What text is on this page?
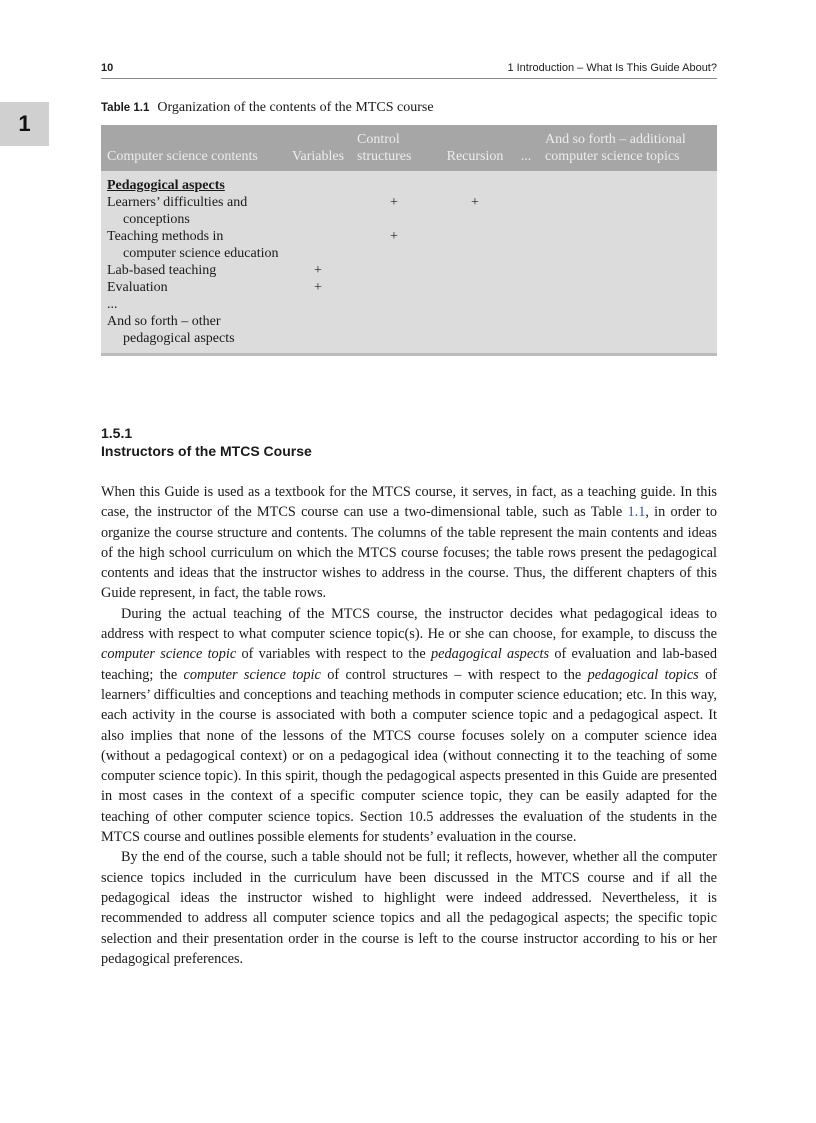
1
10	1 Introduction – What Is This Guide About?
Table 1.1 Organization of the contents of the MTCS course
Computer science contents	Variables	Control structures	Recursion	...	And so forth – additional computer science topics
Pedagogical aspects					
Learners’ difficulties and conceptions		+	+		
Teaching methods in computer science education		+			
Lab-based teaching	+				
Evaluation	+				
...					
And so forth – other pedagogical aspects					
1.5.1
Instructors of the MTCS Course

When this Guide is used as a textbook for the MTCS course, it serves, in fact, as a teaching guide. In this case, the instructor of the MTCS course can use a two-dimensional table, such as Table 1.1, in order to organize the course structure and contents. The columns of the table represent the main contents and ideas of the high school curriculum on which the MTCS course focuses; the table rows present the pedagogical contents and ideas that the instructor wishes to address in the course. Thus, the different chapters of this Guide represent, in fact, the table rows.

During the actual teaching of the MTCS course, the instructor decides what pedagogical ideas to address with respect to what computer science topic(s). He or she can choose, for example, to discuss the computer science topic of variables with respect to the pedagogical aspects of evaluation and lab-based teaching; the computer science topic of control structures – with respect to the pedagogical topics of learners’ difficulties and conceptions and teaching methods in computer science education; etc. In this way, each activity in the course is associated with both a computer science topic and a pedagogical aspect. It also implies that none of the lessons of the MTCS course focuses solely on a computer science idea (without a pedagogical context) or on a pedagogical idea (without connecting it to the teaching of some computer science topic). In this spirit, though the pedagogical aspects presented in this Guide are presented in most cases in the context of a specific computer science topic, they can be easily adapted for the teaching of other computer science topics. Section 10.5 addresses the evaluation of the students in the MTCS course and outlines possible elements for students’ evaluation in the course.

By the end of the course, such a table should not be full; it reflects, however, whether all the computer science topics included in the curriculum have been discussed in the MTCS course and if all the pedagogical ideas the instructor wished to highlight were indeed addressed. Nevertheless, it is recommended to address all computer science topics and all the pedagogical aspects; the specific topic selection and their presentation order in the course is left to the course instructor according to his or her pedagogical preferences.
